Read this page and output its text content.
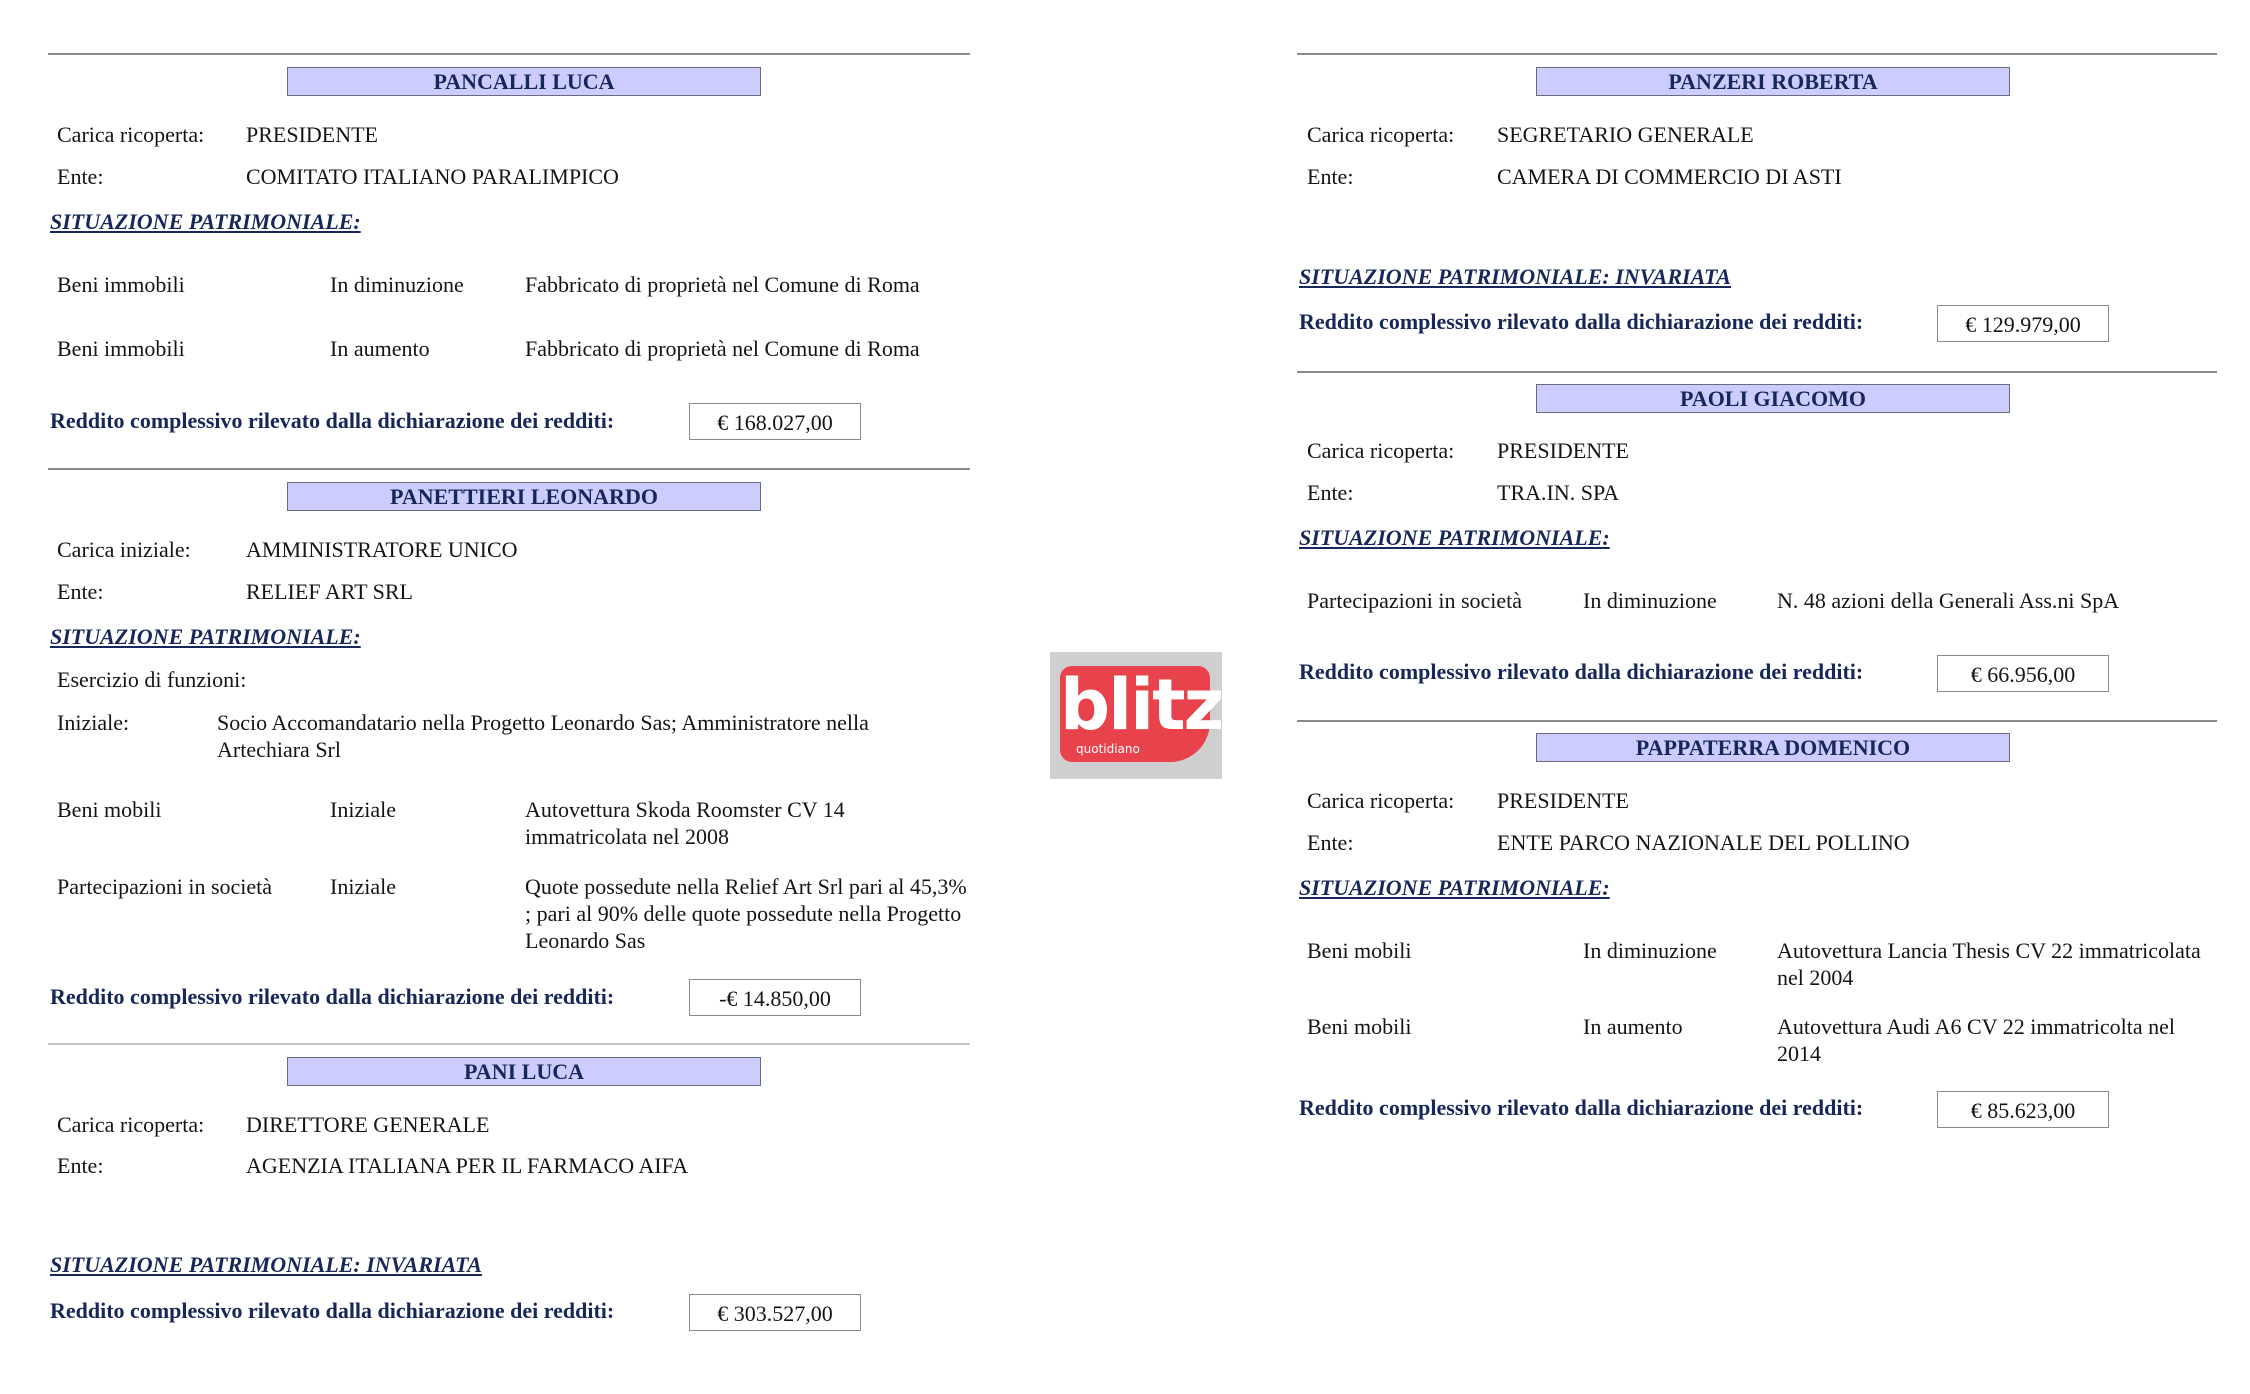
PANCALLI LUCA
Carica ricoperta: PRESIDENTE
Ente:	COMITATO ITALIANO PARALIMPICO
SITUAZIONE PATRIMONIALE:
Beni immobili	In diminuzione	Fabbricato di proprietà nel Comune di Roma
Beni immobili	In aumento	Fabbricato di proprietà nel Comune di Roma
Reddito complessivo rilevato dalla dichiarazione dei redditi:	€ 168.027,00
PANETTIERI LEONARDO
Carica iniziale:	AMMINISTRATORE UNICO
Ente:	RELIEF ART SRL
SITUAZIONE PATRIMONIALE:
Esercizio di funzioni:
Iniziale:	Socio Accomandatario nella Progetto Leonardo Sas; Amministratore nella Artechiara Srl
Beni mobili	Iniziale	Autovettura Skoda Roomster CV 14 immatricolata nel 2008
Partecipazioni in società	Iniziale	Quote possedute nella Relief Art Srl pari al 45,3% ; pari al 90% delle quote possedute nella Progetto Leonardo Sas
Reddito complessivo rilevato dalla dichiarazione dei redditi:	-€ 14.850,00
PANI LUCA
Carica ricoperta: DIRETTORE GENERALE
Ente:	AGENZIA ITALIANA PER IL FARMACO AIFA
SITUAZIONE PATRIMONIALE: INVARIATA
Reddito complessivo rilevato dalla dichiarazione dei redditi:	€ 303.527,00
blitz
quotidiano
PANZERI ROBERTA
Carica ricoperta: SEGRETARIO GENERALE
Ente:	CAMERA DI COMMERCIO DI ASTI
SITUAZIONE PATRIMONIALE: INVARIATA
Reddito complessivo rilevato dalla dichiarazione dei redditi:	€ 129.979,00
PAOLI GIACOMO
Carica ricoperta: PRESIDENTE
Ente:	TRA.IN. SPA
SITUAZIONE PATRIMONIALE:
Partecipazioni in società	In diminuzione	N. 48 azioni della Generali Ass.ni SpA
Reddito complessivo rilevato dalla dichiarazione dei redditi:	€ 66.956,00
PAPPATERRA DOMENICO
Carica ricoperta: PRESIDENTE
Ente:	ENTE PARCO NAZIONALE DEL POLLINO
SITUAZIONE PATRIMONIALE:
Beni mobili	In diminuzione	Autovettura Lancia Thesis CV 22 immatricolata nel 2004
Beni mobili	In aumento	Autovettura Audi A6 CV 22 immatricolta nel 2014
Reddito complessivo rilevato dalla dichiarazione dei redditi:	€ 85.623,00
